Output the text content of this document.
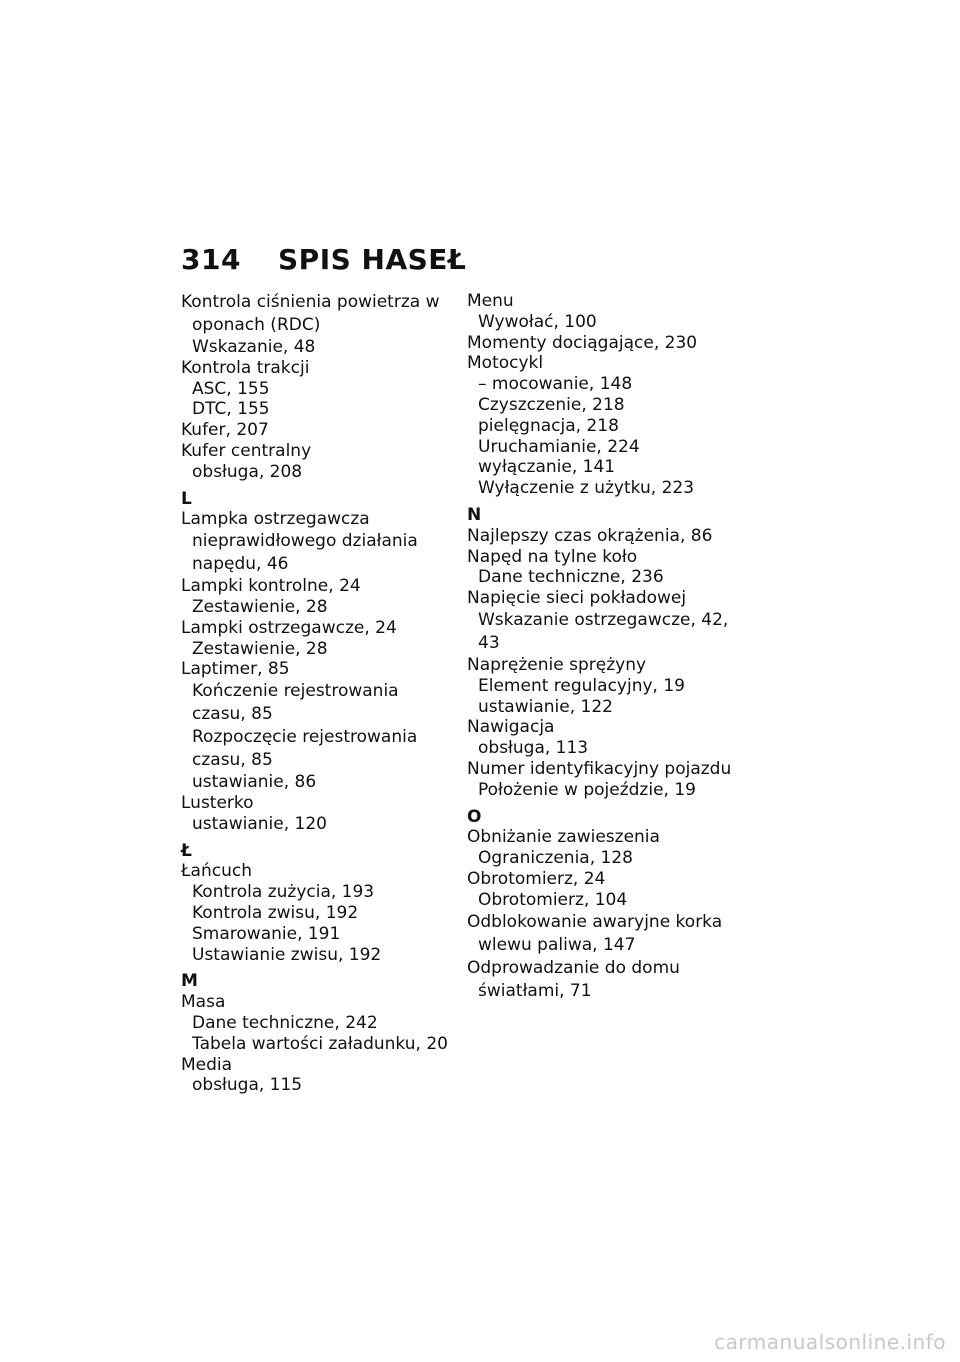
314 SPIS HASEŁ
Kontrola ciśnienia powietrza w
oponach (RDC)
Wskazanie, 48
Kontrola trakcji
ASC, 155
DTC, 155
Kufer, 207
Kufer centralny
obsługa, 208
L
Lampka ostrzegawcza
nieprawidłowego działania
napędu, 46
Lampki kontrolne, 24
Zestawienie, 28
Lampki ostrzegawcze, 24
Zestawienie, 28
Laptimer, 85
Kończenie rejestrowania
czasu, 85
Rozpoczęcie rejestrowania
czasu, 85
ustawianie, 86
Lusterko
ustawianie, 120
Ł
Łańcuch
Kontrola zużycia, 193
Kontrola zwisu, 192
Smarowanie, 191
Ustawianie zwisu, 192
M
Masa
Dane techniczne, 242
Tabela wartości załadunku, 20
Media
obsługa, 115
Menu
Wywołać, 100
Momenty dociągające, 230
Motocykl
– mocowanie, 148
Czyszczenie, 218
pielęgnacja, 218
Uruchamianie, 224
wyłączanie, 141
Wyłączenie z użytku, 223
N
Najlepszy czas okrążenia, 86
Napęd na tylne koło
Dane techniczne, 236
Napięcie sieci pokładowej
Wskazanie ostrzegawcze, 42,
43
Naprężenie sprężyny
Element regulacyjny, 19
ustawianie, 122
Nawigacja
obsługa, 113
Numer identyfikacyjny pojazdu
Położenie w pojeździe, 19
O
Obniżanie zawieszenia
Ograniczenia, 128
Obrotomierz, 24
Obrotomierz, 104
Odblokowanie awaryjne korka
wlewu paliwa, 147
Odprowadzanie do domu
światłami, 71
carmanualsonline.info
